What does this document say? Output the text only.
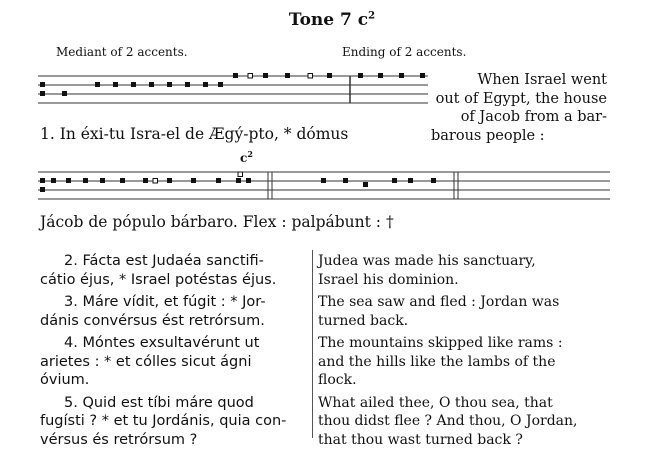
Tone 7 $c^2$
Mediant of 2 accents.	Ending of 2 accents.
When Israel went
out of Egypt, the house
of Jacob from a bar-
barous people :
1. In éxi-tu Isra-el de Ægý-pto, * dómus
$c^2$
Jácob de pópulo bárbaro. Flex : palpábunt : †
2. Fácta est Judaéa sanctifi-
cátio éjus, * Israel potéstas éjus.
3. Máre vídit, et fúgit : * Jor-
dánis convérsus ést retrórsum.
4. Móntes exsultavérunt ut
arietes : * et cólles sicut ágni
óvium.
5. Quid est tíbi máre quod
fugísti ? * et tu Jordánis, quia con-
vérsus és retrórsum ?
Judea was made his sanctuary,
Israel his dominion.
The sea saw and fled : Jordan was
turned back.
The mountains skipped like rams :
and the hills like the lambs of the
flock.
What ailed thee, O thou sea, that
thou didst flee ? And thou, O Jordan,
that thou wast turned back ?
